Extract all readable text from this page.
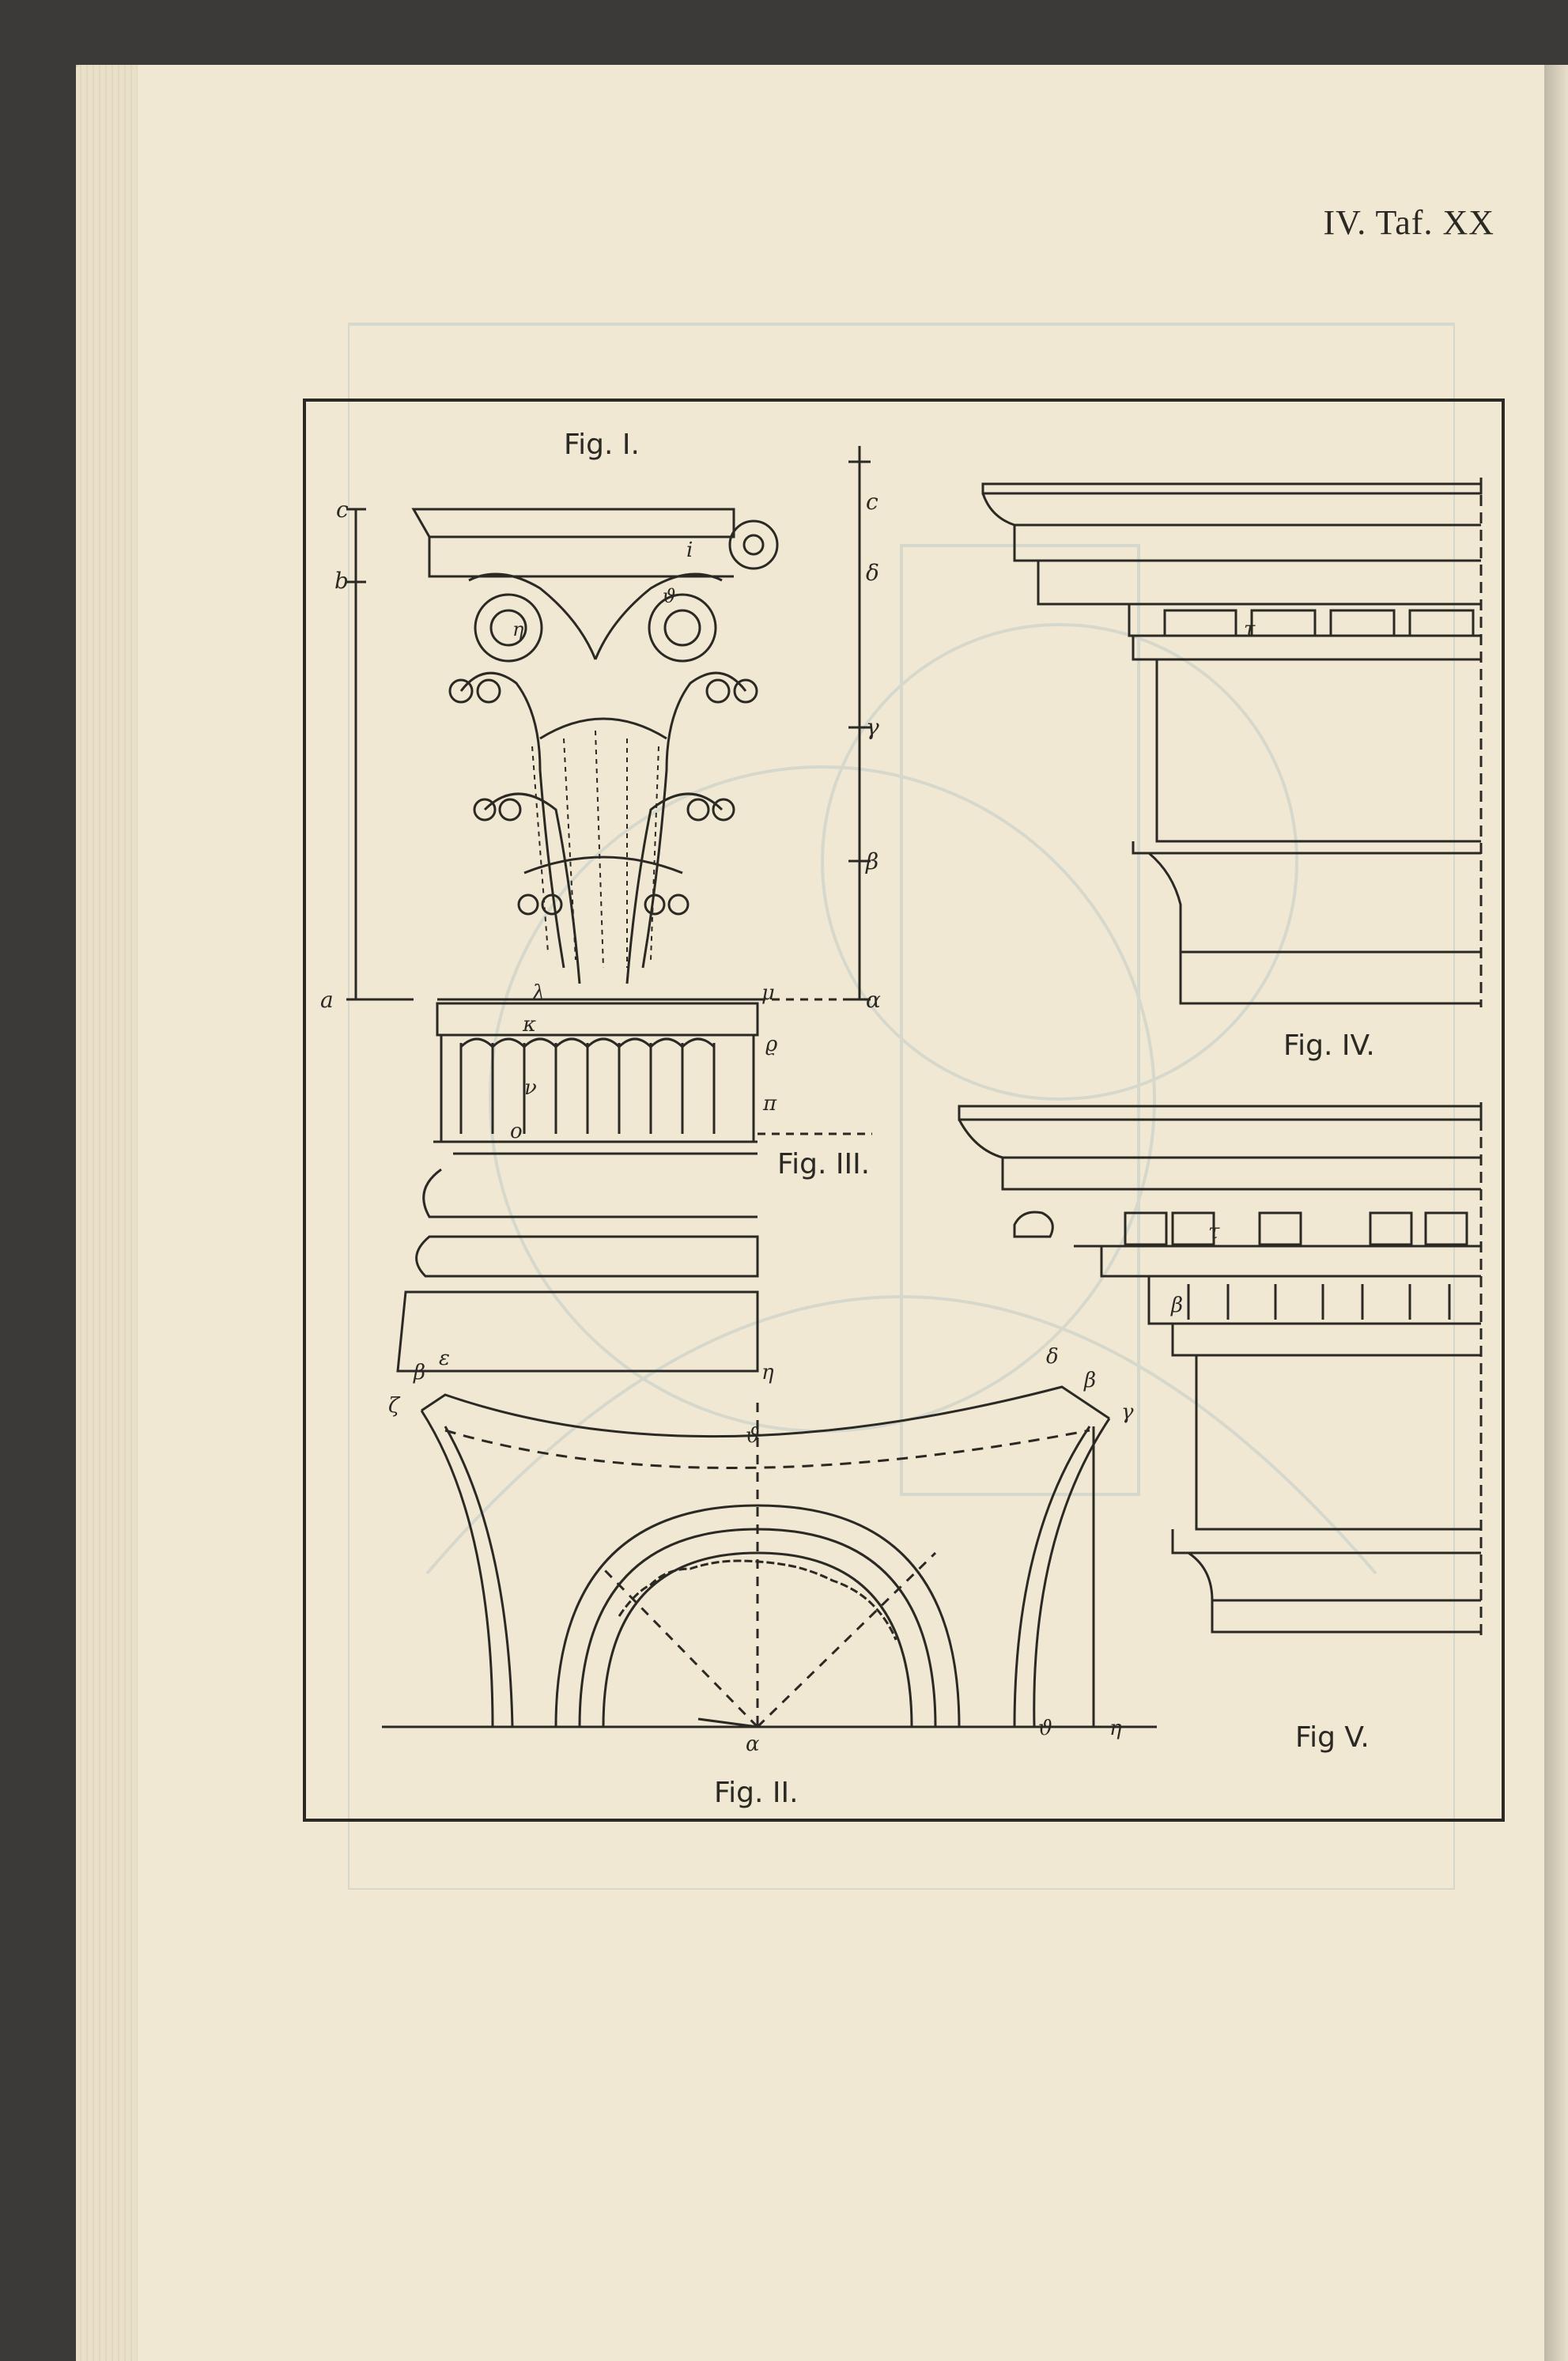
IV. Taf. XX
Fig. I.
Fig. III.
Fig. II.
Fig. IV.
Fig V.
c
b
a
c
δ
γ
β
α
i
η
ϑ
λ
κ
μ
ϱ
ν
o
π
β
ε
ζ
η
ϑ
δ
β
γ
α
ϑ	η
τ
τ
β
